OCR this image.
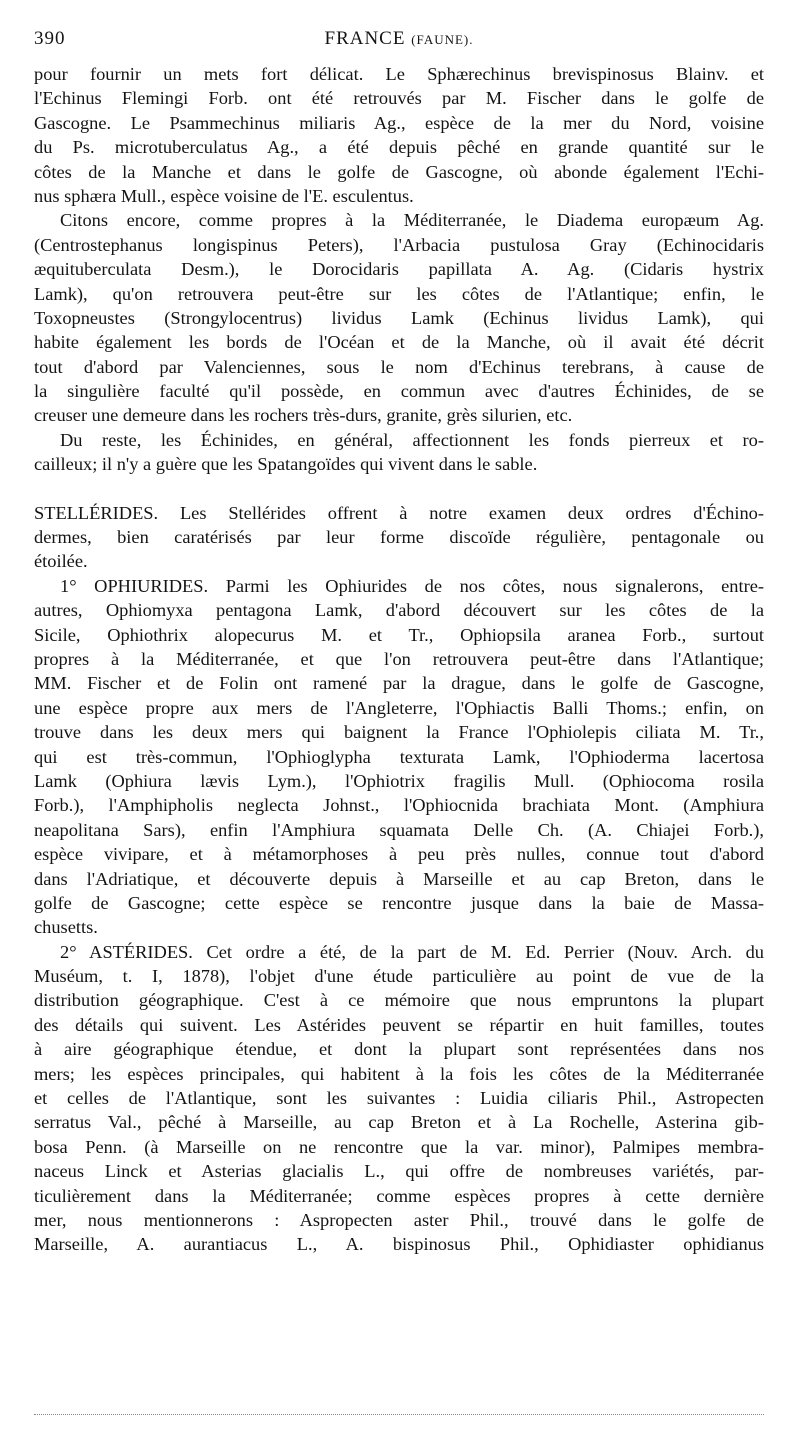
390	FRANCE (FAUNE).
pour fournir un mets fort délicat. Le Sphærechinus brevispinosus Blainv. et
l'Echinus Flemingi Forb. ont été retrouvés par M. Fischer dans le golfe de
Gascogne. Le Psammechinus miliaris Ag., espèce de la mer du Nord, voisine
du Ps. microtuberculatus Ag., a été depuis pêché en grande quantité sur le
côtes de la Manche et dans le golfe de Gascogne, où abonde également l'Echi-
nus sphæra Mull., espèce voisine de l'E. esculentus.
Citons encore, comme propres à la Méditerranée, le Diadema europæum Ag.
(Centrostephanus longispinus Peters), l'Arbacia pustulosa Gray (Echinocidaris
æquituberculata Desm.), le Dorocidaris papillata A. Ag. (Cidaris hystrix
Lamk), qu'on retrouvera peut-être sur les côtes de l'Atlantique; enfin, le
Toxopneustes (Strongylocentrus) lividus Lamk (Echinus lividus Lamk), qui
habite également les bords de l'Océan et de la Manche, où il avait été décrit
tout d'abord par Valenciennes, sous le nom d'Echinus terebrans, à cause de
la singulière faculté qu'il possède, en commun avec d'autres Échinides, de se
creuser une demeure dans les rochers très-durs, granite, grès silurien, etc.
Du reste, les Échinides, en général, affectionnent les fonds pierreux et ro-
cailleux; il n'y a guère que les Spatangoïdes qui vivent dans le sable.
STELLÉRIDES. Les Stellérides offrent à notre examen deux ordres d'Échino-
dermes, bien caratérisés par leur forme discoïde régulière, pentagonale ou
étoilée.
1° OPHIURIDES. Parmi les Ophiurides de nos côtes, nous signalerons, entre-
autres, Ophiomyxa pentagona Lamk, d'abord découvert sur les côtes de la
Sicile, Ophiothrix alopecurus M. et Tr., Ophiopsila aranea Forb., surtout
propres à la Méditerranée, et que l'on retrouvera peut-être dans l'Atlantique;
MM. Fischer et de Folin ont ramené par la drague, dans le golfe de Gascogne,
une espèce propre aux mers de l'Angleterre, l'Ophiactis Balli Thoms.; enfin, on
trouve dans les deux mers qui baignent la France l'Ophiolepis ciliata M. Tr.,
qui est très-commun, l'Ophioglypha texturata Lamk, l'Ophioderma lacertosa
Lamk (Ophiura lævis Lym.), l'Ophiotrix fragilis Mull. (Ophiocoma rosila
Forb.), l'Amphipholis neglecta Johnst., l'Ophiocnida brachiata Mont. (Amphiura
neapolitana Sars), enfin l'Amphiura squamata Delle Ch. (A. Chiajei Forb.),
espèce vivipare, et à métamorphoses à peu près nulles, connue tout d'abord
dans l'Adriatique, et découverte depuis à Marseille et au cap Breton, dans le
golfe de Gascogne; cette espèce se rencontre jusque dans la baie de Massa-
chusetts.
2° ASTÉRIDES. Cet ordre a été, de la part de M. Ed. Perrier (Nouv. Arch. du
Muséum, t. I, 1878), l'objet d'une étude particulière au point de vue de la
distribution géographique. C'est à ce mémoire que nous empruntons la plupart
des détails qui suivent. Les Astérides peuvent se répartir en huit familles, toutes
à aire géographique étendue, et dont la plupart sont représentées dans nos
mers; les espèces principales, qui habitent à la fois les côtes de la Méditerranée
et celles de l'Atlantique, sont les suivantes : Luidia ciliaris Phil., Astropecten
serratus Val., pêché à Marseille, au cap Breton et à La Rochelle, Asterina gib-
bosa Penn. (à Marseille on ne rencontre que la var. minor), Palmipes membra-
naceus Linck et Asterias glacialis L., qui offre de nombreuses variétés, par-
ticulièrement dans la Méditerranée; comme espèces propres à cette dernière
mer, nous mentionnerons : Aspropecten aster Phil., trouvé dans le golfe de
Marseille, A. aurantiacus L., A. bispinosus Phil., Ophidiaster ophidianus
